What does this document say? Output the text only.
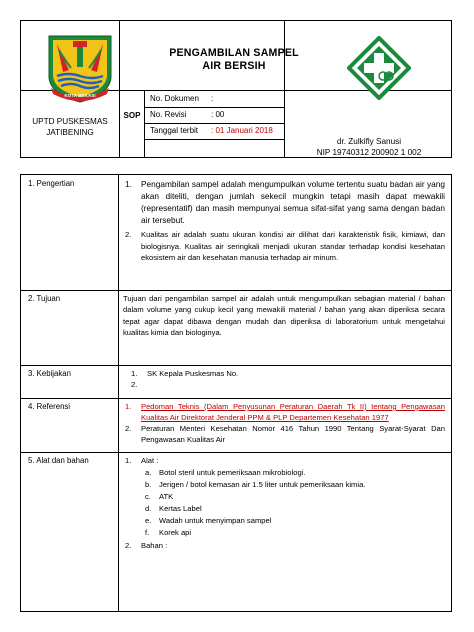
KOTA BEKASI
PENGAMBILAN SAMPEL
AIR BERSIH
UPTD PUSKESMAS
JATIBENING
SOP
No. Dokumen :
No. Revisi	: 00
Tanggal terbit : 01 Januari 2018
dr. Zulkifly Sanusi
NIP 19740312 200902 1 002
1. Pengertian	1.	Pengambilan sampel adalah mengumpulkan volume tertentu suatu badan air yang akan diteliti, dengan jumlah sekecil mungkin tetapi masih dapat mewakili (representatif) dan masih mempunyai semua sifat-sifat yang sama dengan badan air tersebut.
2.	Kualitas air adalah suatu ukuran kondisi air dilihat dari karakteristik fisik, kimiawi, dan biologisnya. Kualitas air seringkali menjadi ukuran standar terhadap kondisi kesehatan ekosistem air dan kesehatan manusia terhadap air minum.
2. Tujuan	Tujuan dari pengambilan sampel air adalah untuk mengumpulkan sebagian material / bahan dalam volume yang cukup kecil yang mewakili material / bahan yang akan diperiksa secara tepat agar dapat dibawa dengan mudah dan diperiksa di laboratorium untuk mengetahui kualitas kimia dan biologinya.
3. Kebijakan	1.	SK Kepala Puskesmas No.
2.
4. Referensi	1.	Pedoman Teknis (Dalam Penyusunan Peraturan Daerah Tk II) tentang Pengawasan Kualitas Air Direktorat Jenderal PPM & PLP Departemen Kesehatan 1977
2.	Peraturan Menteri Kesehatan Nomor 416 Tahun 1990 Tentang Syarat-Syarat Dan Pengawasan Kualitas Air
5. Alat dan bahan	1.	Alat :
a.	Botol steril untuk pemeriksaan mikrobiologi.
b.	Jerigen / botol kemasan air 1.5 liter untuk pemeriksaan kimia.
c.	ATK
d.	Kertas Label
e.	Wadah untuk menyimpan sampel
f.	Korek api
2.	Bahan :
